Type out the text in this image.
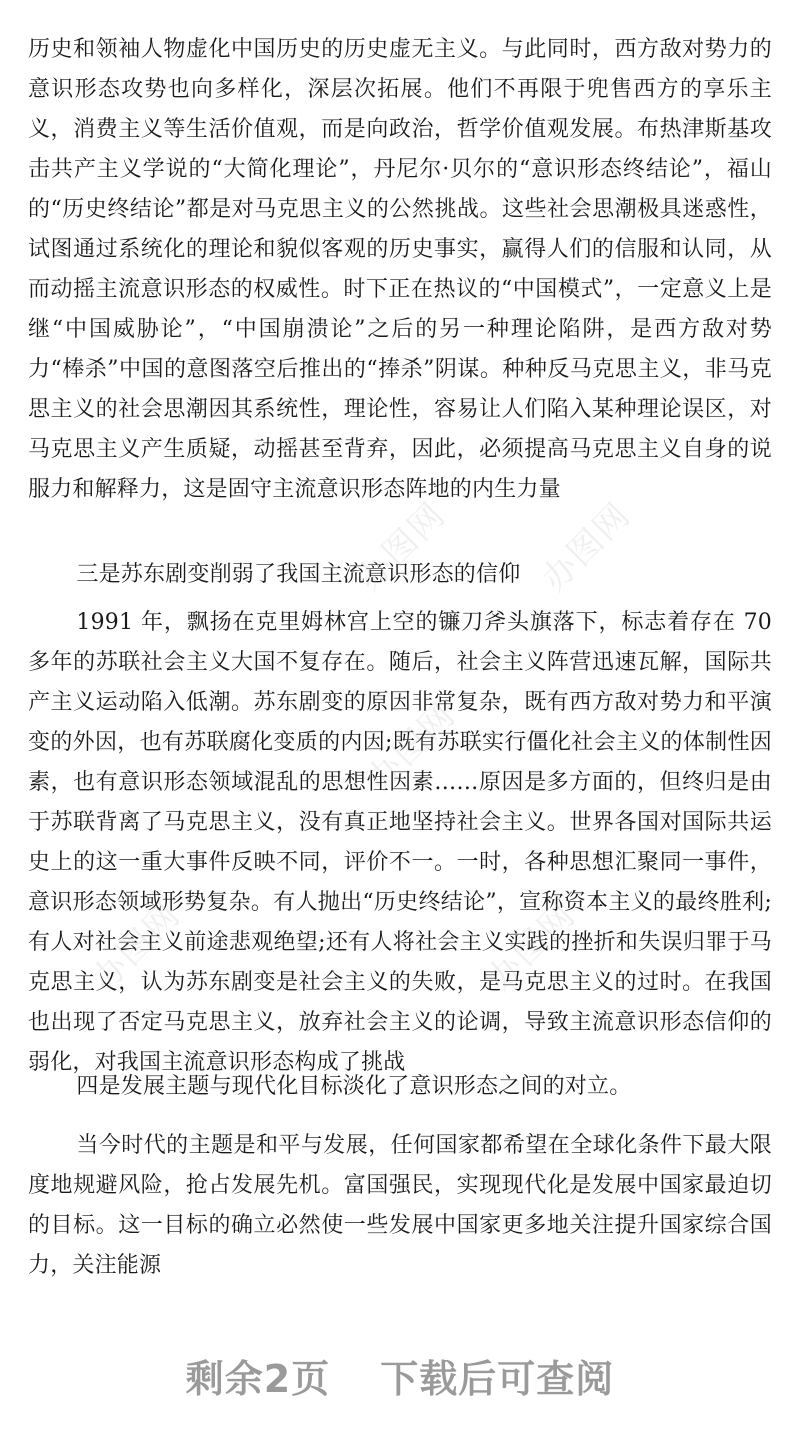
历史和领袖人物虚化中国历史的历史虚无主义。与此同时，西方敌对势力的意识形态攻势也向多样化，深层次拓展。他们不再限于兜售西方的享乐主义，消费主义等生活价值观，而是向政治，哲学价值观发展。布热津斯基攻击共产主义学说的“大简化理论”，丹尼尔·贝尔的“意识形态终结论”，福山的“历史终结论”都是对马克思主义的公然挑战。这些社会思潮极具迷惑性，试图通过系统化的理论和貌似客观的历史事实，赢得人们的信服和认同，从而动摇主流意识形态的权威性。时下正在热议的“中国模式”，一定意义上是继“中国威胁论”，“中国崩溃论”之后的另一种理论陷阱，是西方敌对势力“棒杀”中国的意图落空后推出的“捧杀”阴谋。种种反马克思主义，非马克思主义的社会思潮因其系统性，理论性，容易让人们陷入某种理论误区，对马克思主义产生质疑，动摇甚至背弃，因此，必须提高马克思主义自身的说服力和解释力，这是固守主流意识形态阵地的内生力量

三是苏东剧变削弱了我国主流意识形态的信仰

1991 年，飘扬在克里姆林宫上空的镰刀斧头旗落下，标志着存在 70 多年的苏联社会主义大国不复存在。随后，社会主义阵营迅速瓦解，国际共产主义运动陷入低潮。苏东剧变的原因非常复杂，既有西方敌对势力和平演变的外因，也有苏联腐化变质的内因;既有苏联实行僵化社会主义的体制性因素，也有意识形态领域混乱的思想性因素……原因是多方面的，但终归是由于苏联背离了马克思主义，没有真正地坚持社会主义。世界各国对国际共运史上的这一重大事件反映不同，评价不一。一时，各种思想汇聚同一事件，意识形态领域形势复杂。有人抛出“历史终结论”，宣称资本主义的最终胜利;有人对社会主义前途悲观绝望;还有人将社会主义实践的挫折和失误归罪于马克思主义，认为苏东剧变是社会主义的失败，是马克思主义的过时。在我国也出现了否定马克思主义，放弃社会主义的论调，导致主流意识形态信仰的弱化，对我国主流意识形态构成了挑战

四是发展主题与现代化目标淡化了意识形态之间的对立。

当今时代的主题是和平与发展，任何国家都希望在全球化条件下最大限度地规避风险，抢占发展先机。富国强民，实现现代化是发展中国家最迫切的目标。这一目标的确立必然使一些发展中国家更多地关注提升国家综合国力，关注能源

办图网 办图网
办图网
办图网	办图网
剩余2页 下载后可查阅
